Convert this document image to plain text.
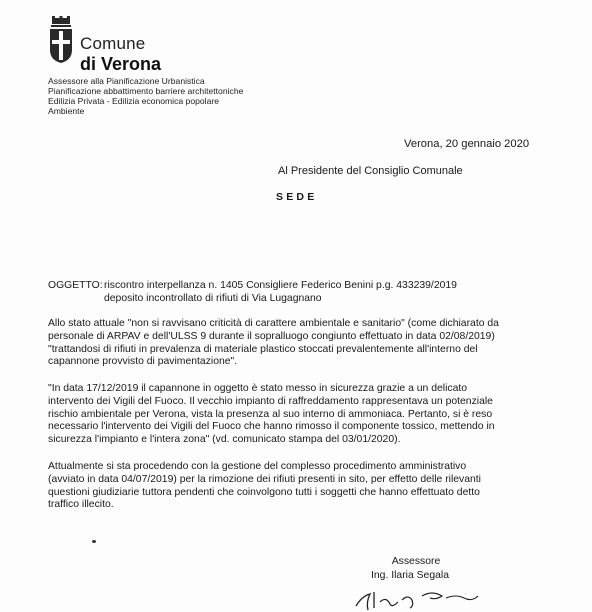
Comune
di Verona
Assessore alla Pianificazione Urbanistica
Pianificazione abbattimento barriere architettoniche
Edilizia Privata - Edilizia economica popolare
Ambiente
Verona, 20 gennaio 2020
Al Presidente del Consiglio Comunale
SEDE
OGGETTO:riscontro interpellanza n. 1405 Consigliere Federico Benini p.g. 433239/2019
deposito incontrollato di rifiuti di Via Lugagnano
Allo stato attuale "non si ravvisano criticità di carattere ambientale e sanitario" (come dichiarato da
personale di ARPAV e dell'ULSS 9 durante il sopralluogo congiunto effettuato in data 02/08/2019)
"trattandosi di rifiuti in prevalenza di materiale plastico stoccati prevalentemente all'interno del
capannone provvisto di pavimentazione".
"In data 17/12/2019 il capannone in oggetto è stato messo in sicurezza grazie a un delicato
intervento dei Vigili del Fuoco. Il vecchio impianto di raffreddamento rappresentava un potenziale
rischio ambientale per Verona, vista la presenza al suo interno di ammoniaca. Pertanto, si è reso
necessario l'intervento dei Vigili del Fuoco che hanno rimosso il componente tossico, mettendo in
sicurezza l'impianto e l'intera zona" (vd. comunicato stampa del 03/01/2020).
Attualmente si sta procedendo con la gestione del complesso procedimento amministrativo
(avviato in data 04/07/2019) per la rimozione dei rifiuti presenti in sito, per effetto delle rilevanti
questioni giudiziarie tuttora pendenti che coinvolgono tutti i soggetti che hanno effettuato detto
traffico illecito.
Assessore
Ing. Ilaria Segala
